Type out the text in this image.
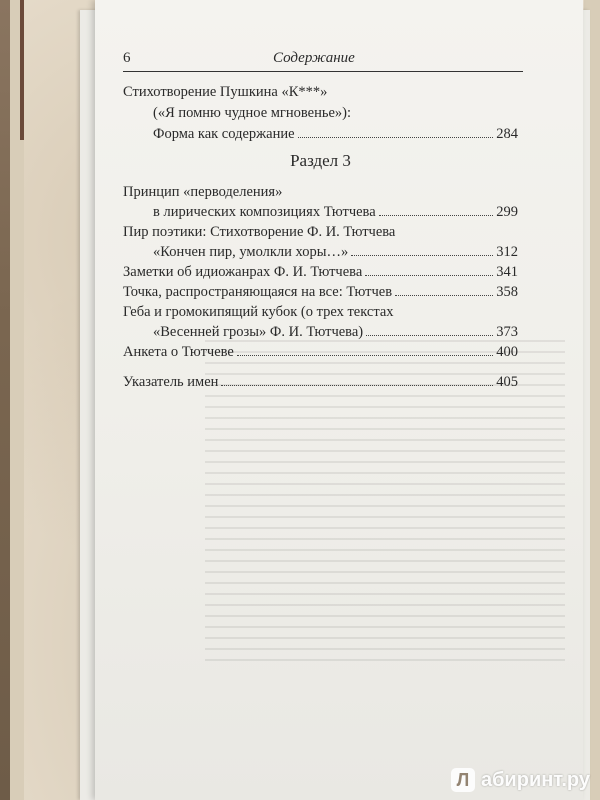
6	Содержание
Стихотворение Пушкина «К***»
(«Я помню чудное мгновенье»):
Форма как содержание	284
Раздел 3
Принцип «перводеления»
в лирических композициях Тютчева	299
Пир поэтики: Стихотворение Ф. И. Тютчева
«Кончен пир, умолкли хоры…»	312
Заметки об идиожанрах Ф. И. Тютчева	341
Точка, распространяющаяся на все: Тютчев	358
Геба и громокипящий кубок (о трех текстах
«Весенней грозы» Ф. И. Тютчева)	373
Анкета о Тютчеве	400
Указатель имен	405
Л абиринт.ру
